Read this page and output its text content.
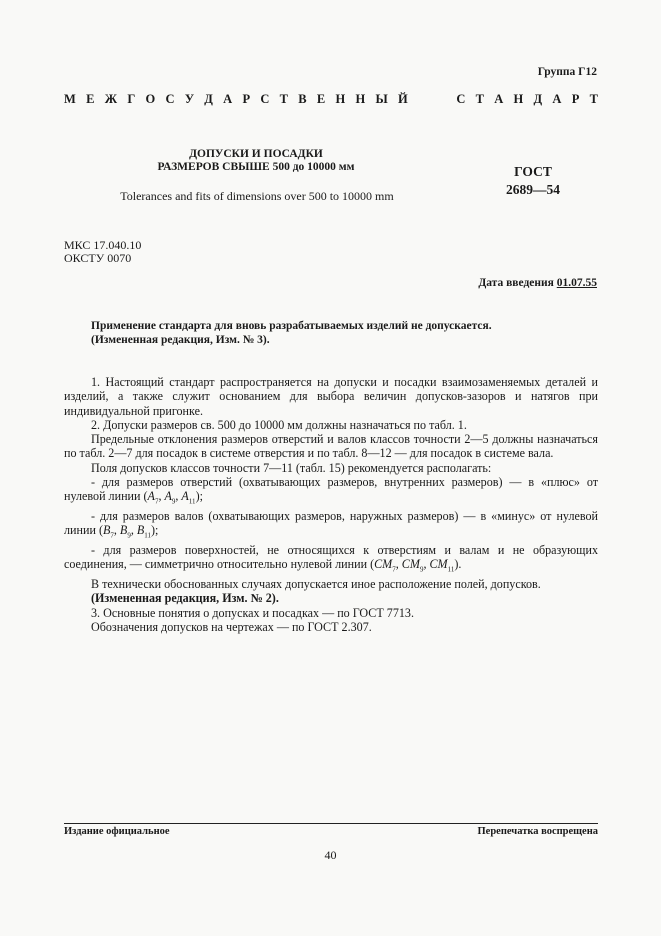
Группа Г12
М Е Ж Г О С У Д А Р С Т В Е Н Н Ы Й	С Т А Н Д А Р Т
ДОПУСКИ И ПОСАДКИ
РАЗМЕРОВ СВЫШЕ 500 до 10000 мм
Tolerances and fits of dimensions over 500 to 10000 mm
ГОСТ
2689—54
МКС 17.040.10
ОКСТУ 0070
Дата введения 01.07.55
Применение стандарта для вновь разрабатываемых изделий не допускается.
(Измененная редакция, Изм. № 3).

1. Настоящий стандарт распространяется на допуски и посадки взаимозаменяемых деталей и изделий, а также служит основанием для выбора величин допусков-зазоров и натягов при индивидуальной пригонке.

2. Допуски размеров св. 500 до 10000 мм должны назначаться по табл. 1.

Предельные отклонения размеров отверстий и валов классов точности 2—5 должны назначаться по табл. 2—7 для посадок в системе отверстия и по табл. 8—12 — для посадок в системе вала.

Поля допусков классов точности 7—11 (табл. 15) рекомендуется располагать:

- для размеров отверстий (охватывающих размеров, внутренних размеров) — в «плюс» от нулевой линии ($A_7$, $A_9$, $A_{11}$);

- для размеров валов (охватывающих размеров, наружных размеров) — в «минус» от нулевой линии ($B_7$, $B_9$, $B_{11}$);

- для размеров поверхностей, не относящихся к отверстиям и валам и не образующих соединения, — симметрично относительно нулевой линии ($CM_7$, $CM_9$, $CM_{11}$).

В технически обоснованных случаях допускается иное расположение полей, допусков.

(Измененная редакция, Изм. № 2).

3. Основные понятия о допусках и посадках — по ГОСТ 7713.

Обозначения допусков на чертежах — по ГОСТ 2.307.

Издание официальное	Перепечатка воспрещена
40
